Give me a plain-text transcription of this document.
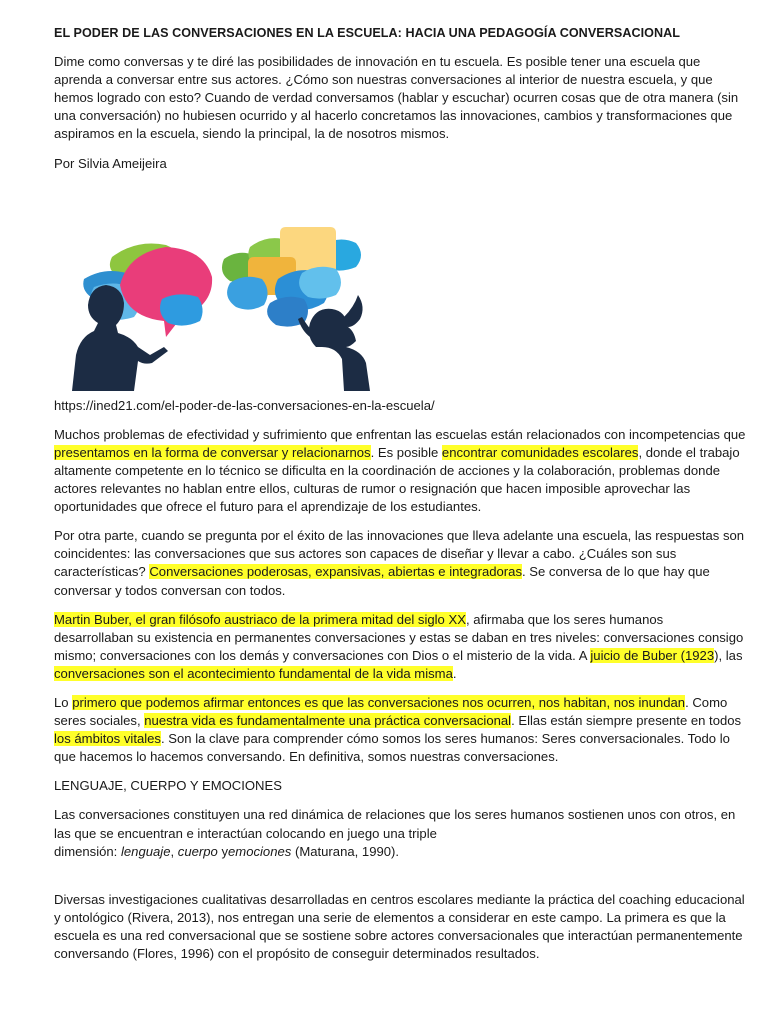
EL PODER DE LAS CONVERSACIONES EN LA ESCUELA: HACIA UNA PEDAGOGÍA CONVERSACIONAL

Dime como conversas y te diré las posibilidades de innovación en tu escuela. Es posible tener una escuela que aprenda a conversar entre sus actores. ¿Cómo son nuestras conversaciones al interior de nuestra escuela, y que hemos logrado con esto? Cuando de verdad conversamos (hablar y escuchar) ocurren cosas que de otra manera (sin una conversación) no hubiesen ocurrido y al hacerlo concretamos las innovaciones, cambios y transformaciones que aspiramos en la escuela, siendo la principal, la de nosotros mismos.

Por Silvia Ameijeira

https://ined21.com/el-poder-de-las-conversaciones-en-la-escuela/

Muchos problemas de efectividad y sufrimiento que enfrentan las escuelas están relacionados con incompetencias que presentamos en la forma de conversar y relacionarnos. Es posible encontrar comunidades escolares, donde el trabajo altamente competente en lo técnico se dificulta en la coordinación de acciones y la colaboración, problemas donde actores relevantes no hablan entre ellos, culturas de rumor o resignación que hacen imposible aprovechar las oportunidades que ofrece el futuro para el aprendizaje de los estudiantes.

Por otra parte, cuando se pregunta por el éxito de las innovaciones que lleva adelante una escuela, las respuestas son coincidentes: las conversaciones que sus actores son capaces de diseñar y llevar a cabo. ¿Cuáles son sus características? Conversaciones poderosas, expansivas, abiertas e integradoras. Se conversa de lo que hay que conversar y todos conversan con todos.

Martin Buber, el gran filósofo austriaco de la primera mitad del siglo XX, afirmaba que los seres humanos desarrollaban su existencia en permanentes conversaciones y estas se daban en tres niveles: conversaciones consigo mismo; conversaciones con los demás y conversaciones con Dios o el misterio de la vida. A juicio de Buber (1923), las conversaciones son el acontecimiento fundamental de la vida misma.

Lo primero que podemos afirmar entonces es que las conversaciones nos ocurren, nos habitan, nos inundan. Como seres sociales, nuestra vida es fundamentalmente una práctica conversacional. Ellas están siempre presente en todos los ámbitos vitales. Son la clave para comprender cómo somos los seres humanos: Seres conversacionales. Todo lo que hacemos lo hacemos conversando. En definitiva, somos nuestras conversaciones.

LENGUAJE, CUERPO Y EMOCIONES

Las conversaciones constituyen una red dinámica de relaciones que los seres humanos sostienen unos con otros, en las que se encuentran e interactúan colocando en juego una triple
dimensión: lenguaje, cuerpo yemociones (Maturana, 1990).

Diversas investigaciones cualitativas desarrolladas en centros escolares mediante la práctica del coaching educacional y ontológico (Rivera, 2013), nos entregan una serie de elementos a considerar en este campo. La primera es que la escuela es una red conversacional que se sostiene sobre actores conversacionales que interactúan permanentemente conversando (Flores, 1996) con el propósito de conseguir determinados resultados.
